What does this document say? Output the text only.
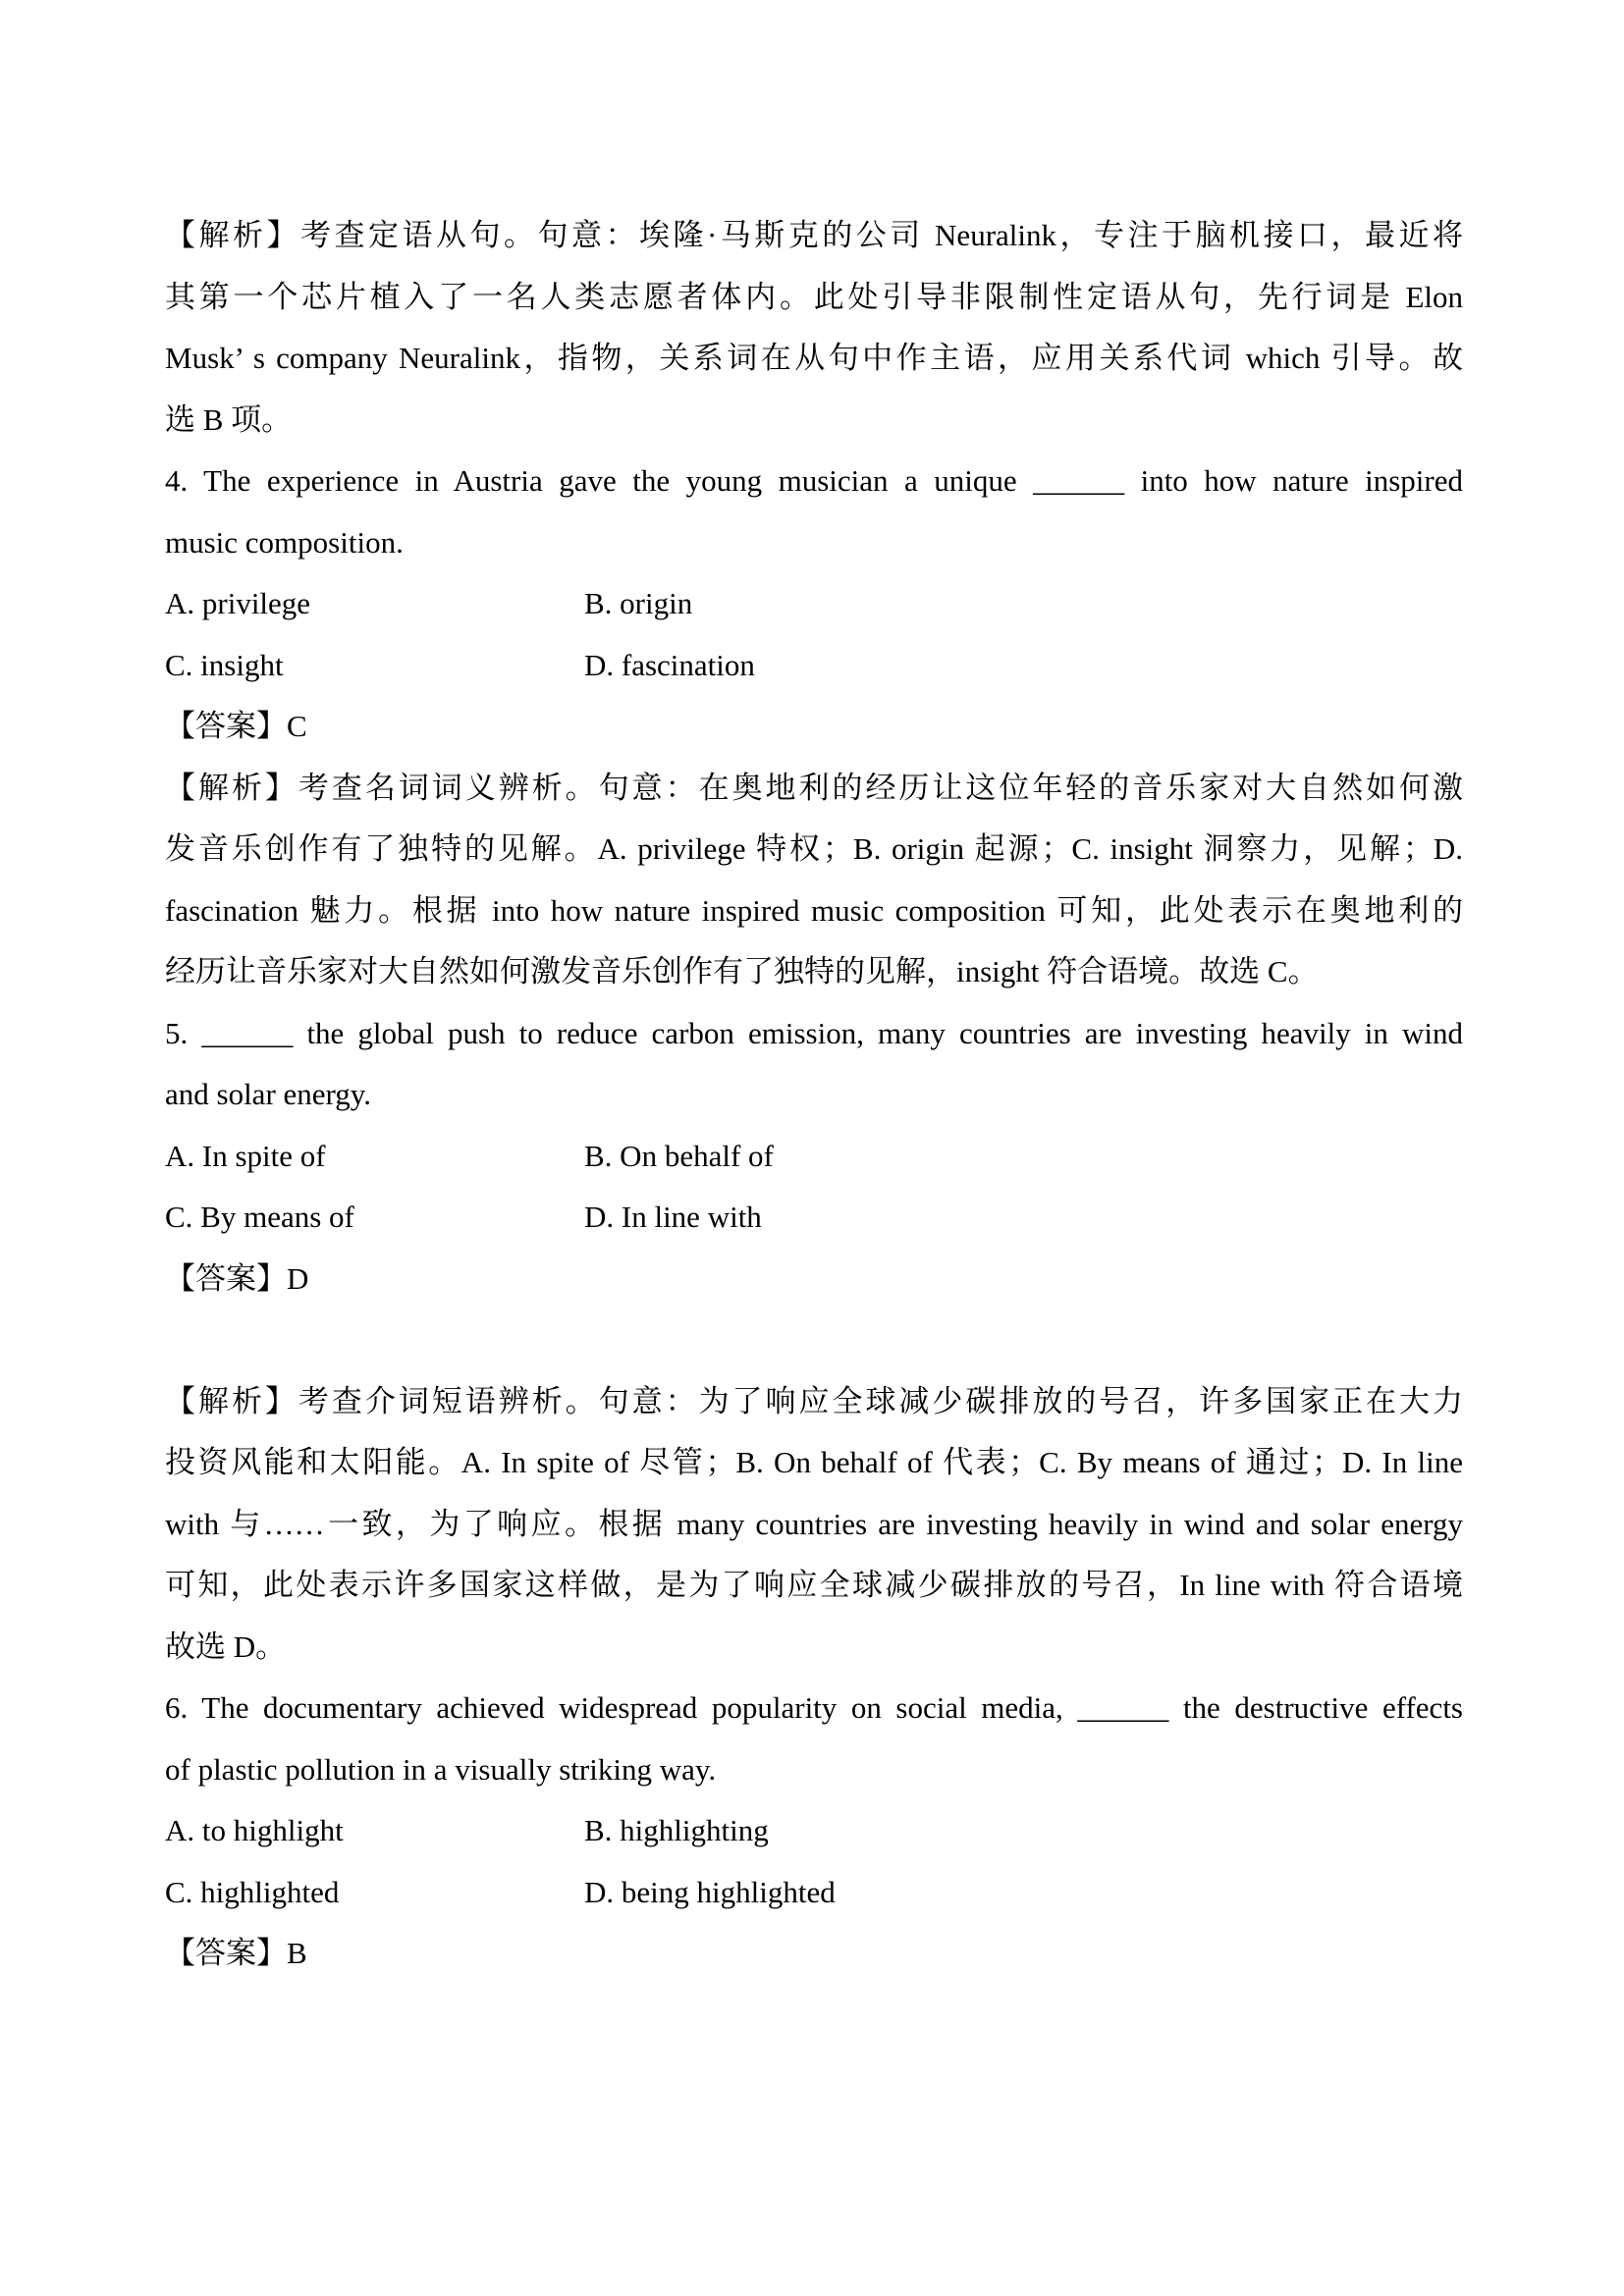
【解析】考查定语从句。句意：埃隆·马斯克的公司 Neuralink，专注于脑机接口，最近将
其第一个芯片植入了一名人类志愿者体内。此处引导非限制性定语从句，先行词是 Elon
Musk’ s company Neuralink，指物，关系词在从句中作主语，应用关系代词 which 引导。故
选 B 项。
4. The experience in Austria gave the young musician a unique ______ into how nature inspired
music composition.
A. privilege	B. origin
C. insight	D. fascination
【答案】C
【解析】考查名词词义辨析。句意：在奥地利的经历让这位年轻的音乐家对大自然如何激
发音乐创作有了独特的见解。A. privilege 特权；B. origin 起源；C. insight 洞察力，见解；D.
fascination 魅力。根据 into how nature inspired music composition 可知，此处表示在奥地利的
经历让音乐家对大自然如何激发音乐创作有了独特的见解，insight 符合语境。故选 C。
5. ______ the global push to reduce carbon emission, many countries are investing heavily in wind
and solar energy.
A. In spite of	B. On behalf of
C. By means of	D. In line with
【答案】D
【解析】考查介词短语辨析。句意：为了响应全球减少碳排放的号召，许多国家正在大力
投资风能和太阳能。A. In spite of 尽管；B. On behalf of 代表；C. By means of 通过；D. In line
with 与……一致，为了响应。根据 many countries are investing heavily in wind and solar energy
可知，此处表示许多国家这样做，是为了响应全球减少碳排放的号召，In line with 符合语境
故选 D。
6. The documentary achieved widespread popularity on social media, ______ the destructive effects
of plastic pollution in a visually striking way.
A. to highlight	B. highlighting
C. highlighted	D. being highlighted
【答案】B
